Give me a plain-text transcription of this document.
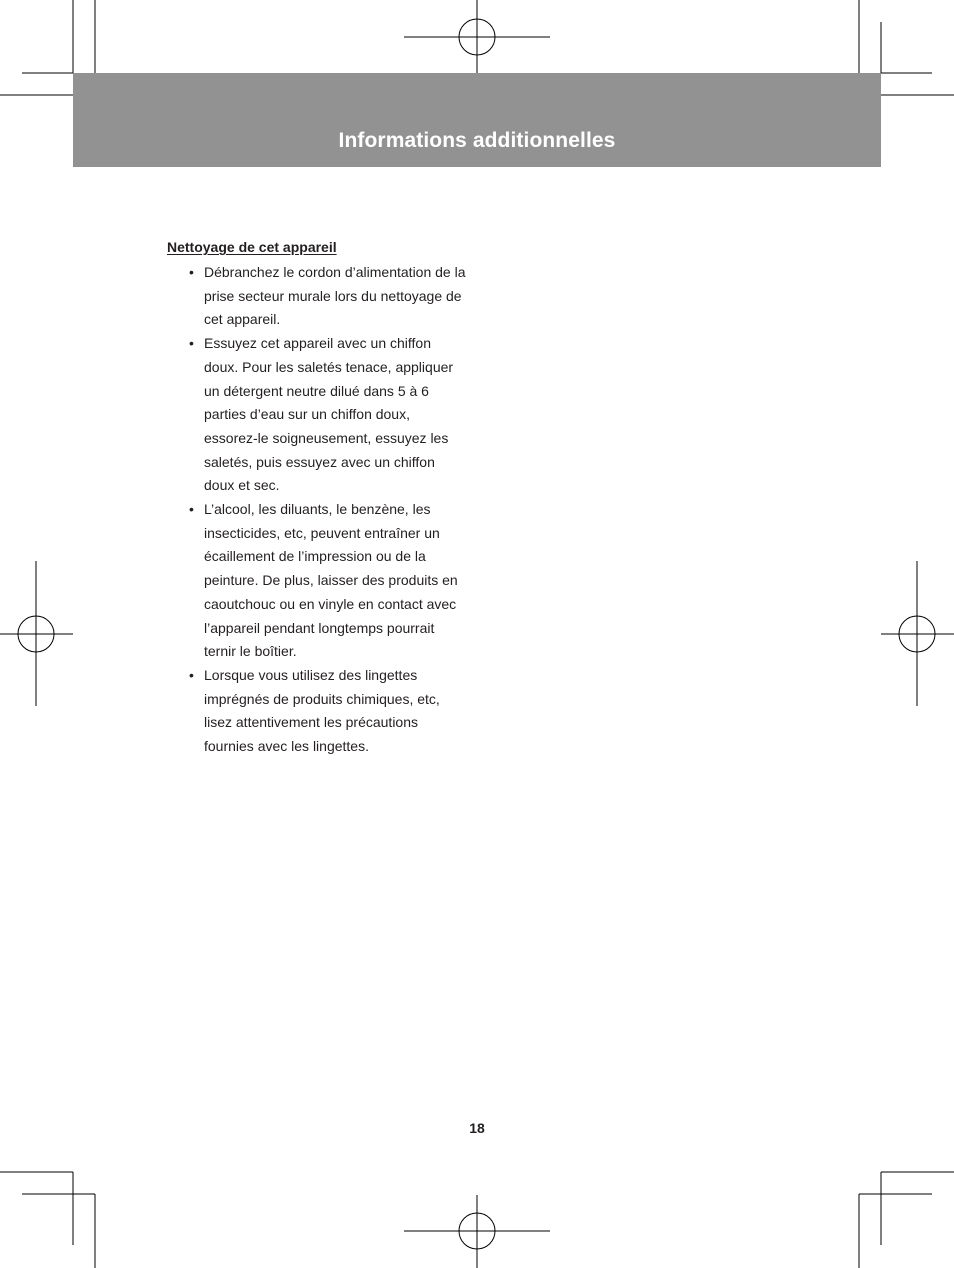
Informations additionnelles
Nettoyage de cet appareil
• Débranchez le cordon d’alimentation de la prise secteur murale lors du nettoyage de cet appareil.
• Essuyez cet appareil avec un chiffon doux. Pour les saletés tenace, appliquer un détergent neutre dilué dans 5 à 6 parties d’eau sur un chiffon doux, essorez-le soigneusement, essuyez les saletés, puis essuyez avec un chiffon doux et sec.
• L’alcool, les diluants, le benzène, les insecticides, etc, peuvent entraîner un écaillement de l’impression ou de la peinture. De plus, laisser des produits en caoutchouc ou en vinyle en contact avec l’appareil pendant longtemps pourrait ternir le boîtier.
• Lorsque vous utilisez des lingettes imprégnés de produits chimiques, etc, lisez attentivement les précautions fournies avec les lingettes.
18
